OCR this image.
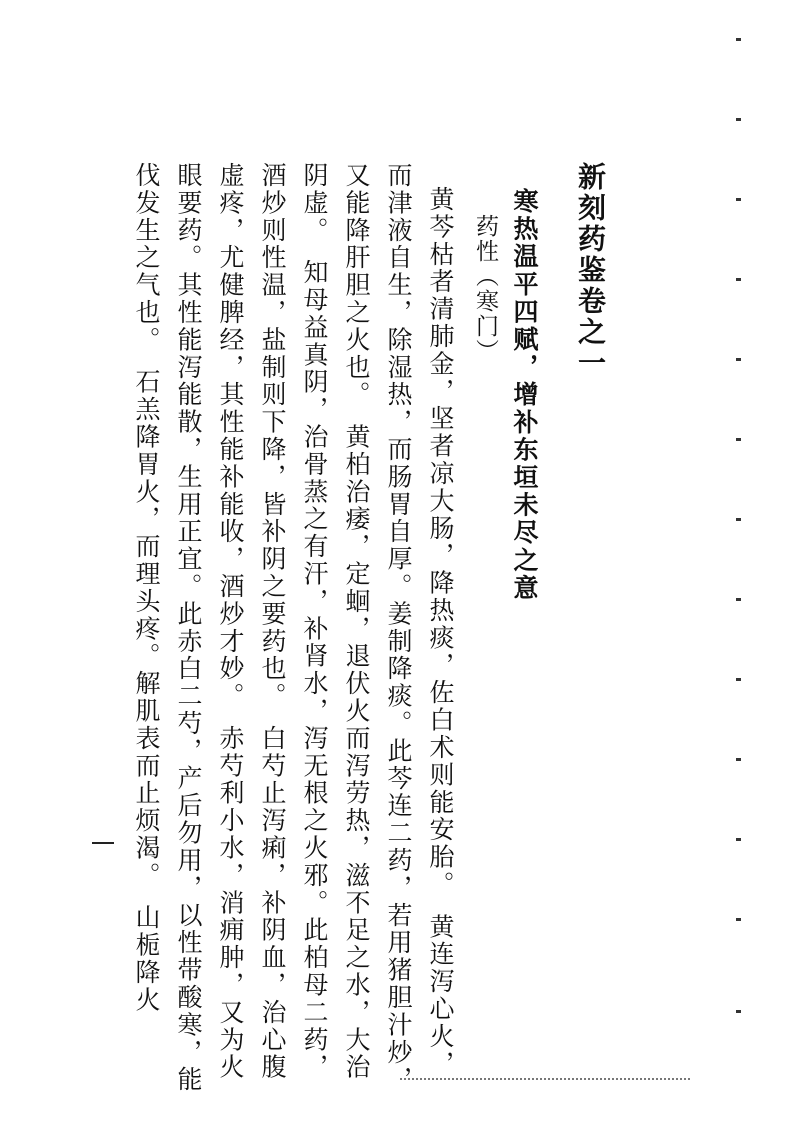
新刻药鉴卷之一
寒热温平四赋，增补东垣未尽之意
药性（寒门）
黄芩枯者清肺金，坚者凉大肠，降热痰，佐白术则能安胎。　黄连泻心火，
而津液自生，除湿热，而肠胃自厚。姜制降痰。此芩连二药，若用猪胆汁炒，
又能降肝胆之火也。　黄柏治痿，定蛔，退伏火而泻劳热，滋不足之水，大治
阴虚。　知母益真阴，治骨蒸之有汗，补肾水，泻无根之火邪。此柏母二药，
酒炒则性温，盐制则下降，皆补阴之要药也。　白芍止泻痢，补阴血，治心腹
虚疼，尤健脾经，其性能补能收，酒炒才妙。　赤芍利小水，消痈肿，又为火
眼要药。其性能泻能散，生用正宜。此赤白二芍，产后勿用，以性带酸寒，能
伐发生之气也。　石羔降胃火，而理头疼。解肌表而止烦渴。　山栀降火
